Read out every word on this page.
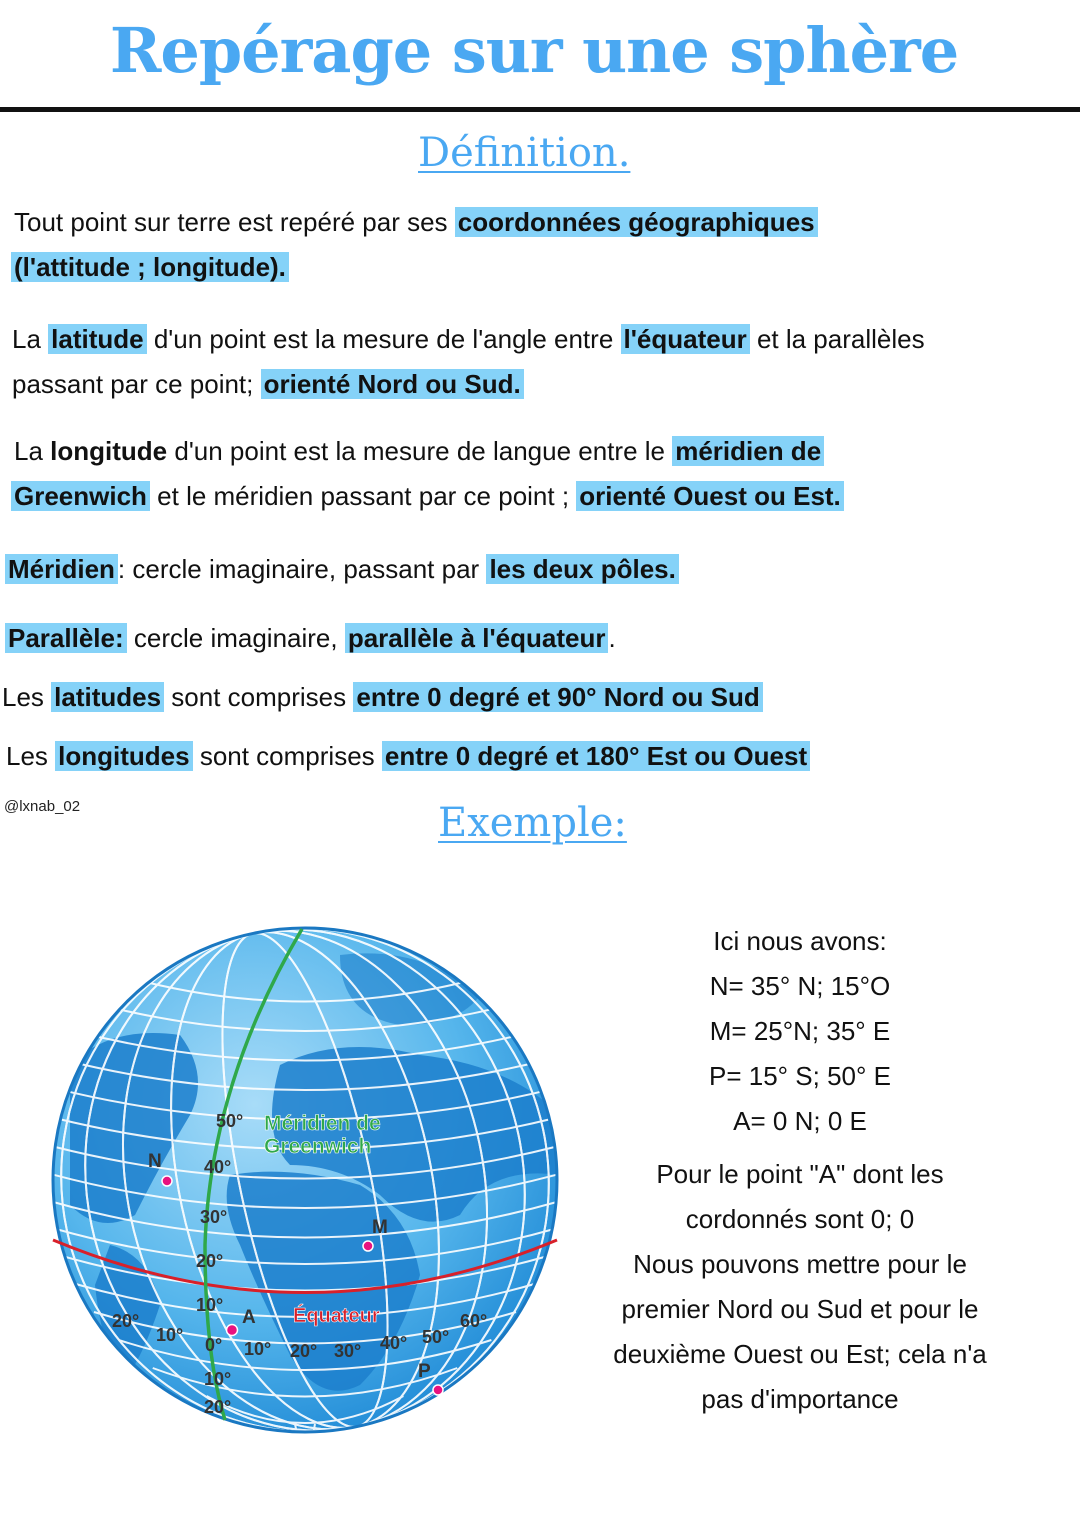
Repérage sur une sphère
Définition.
Tout point sur terre est repéré par ses coordonnées géographiques
(l'attitude ; longitude).
La latitude d'un point est la mesure de l'angle entre l'équateur et la parallèles
passant par ce point; orienté Nord ou Sud.
La longitude d'un point est la mesure de langue entre le méridien de
Greenwich et le méridien passant par ce point ; orienté Ouest ou Est.
Méridien : cercle imaginaire, passant par les deux pôles.
Parallèle: cercle imaginaire, parallèle à l'équateur .
Les latitudes sont comprises entre 0 degré et 90° Nord ou Sud
Les longitudes sont comprises entre 0 degré et 180° Est ou Ouest
@lxnab_02	Exemple:
Méridien de
Greenwich
Équateur
50°
40°
30°
20°
10°
0°
10°
20°
10° 20° 30° 40° 50°
60°
20°
10°
N
M
A
P
Ici nous avons:
N= 35° N; 15°O
M= 25°N; 35° E
P= 15° S; 50° E
A= 0 N; 0 E
Pour le point "A" dont les
cordonnés sont 0; 0
Nous pouvons mettre pour le
premier Nord ou Sud et pour le
deuxième Ouest ou Est; cela n'a
pas d'importance
